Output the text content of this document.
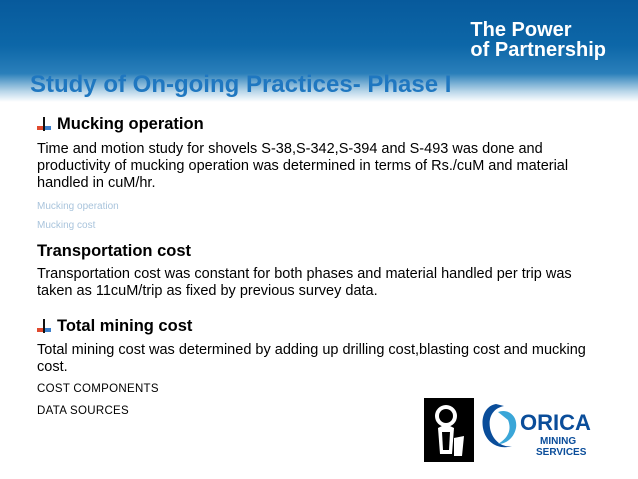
The Power
of Partnership
Study of On-going Practices- Phase I
Mucking operation
Time and motion study for shovels S-38,S-342,S-394 and S-493 was done and productivity of mucking operation was determined in terms of Rs./cuM and material handled in cuM/hr.
Mucking operation
Mucking cost
Transportation cost
Transportation cost was constant for both phases and material handled per trip was taken as 11cuM/trip as fixed by previous survey data.
Total mining cost
Total mining cost was determined by adding up drilling cost,blasting cost and mucking cost.
COST COMPONENTS
DATA SOURCES	ORICA
MINING
SERVICES
